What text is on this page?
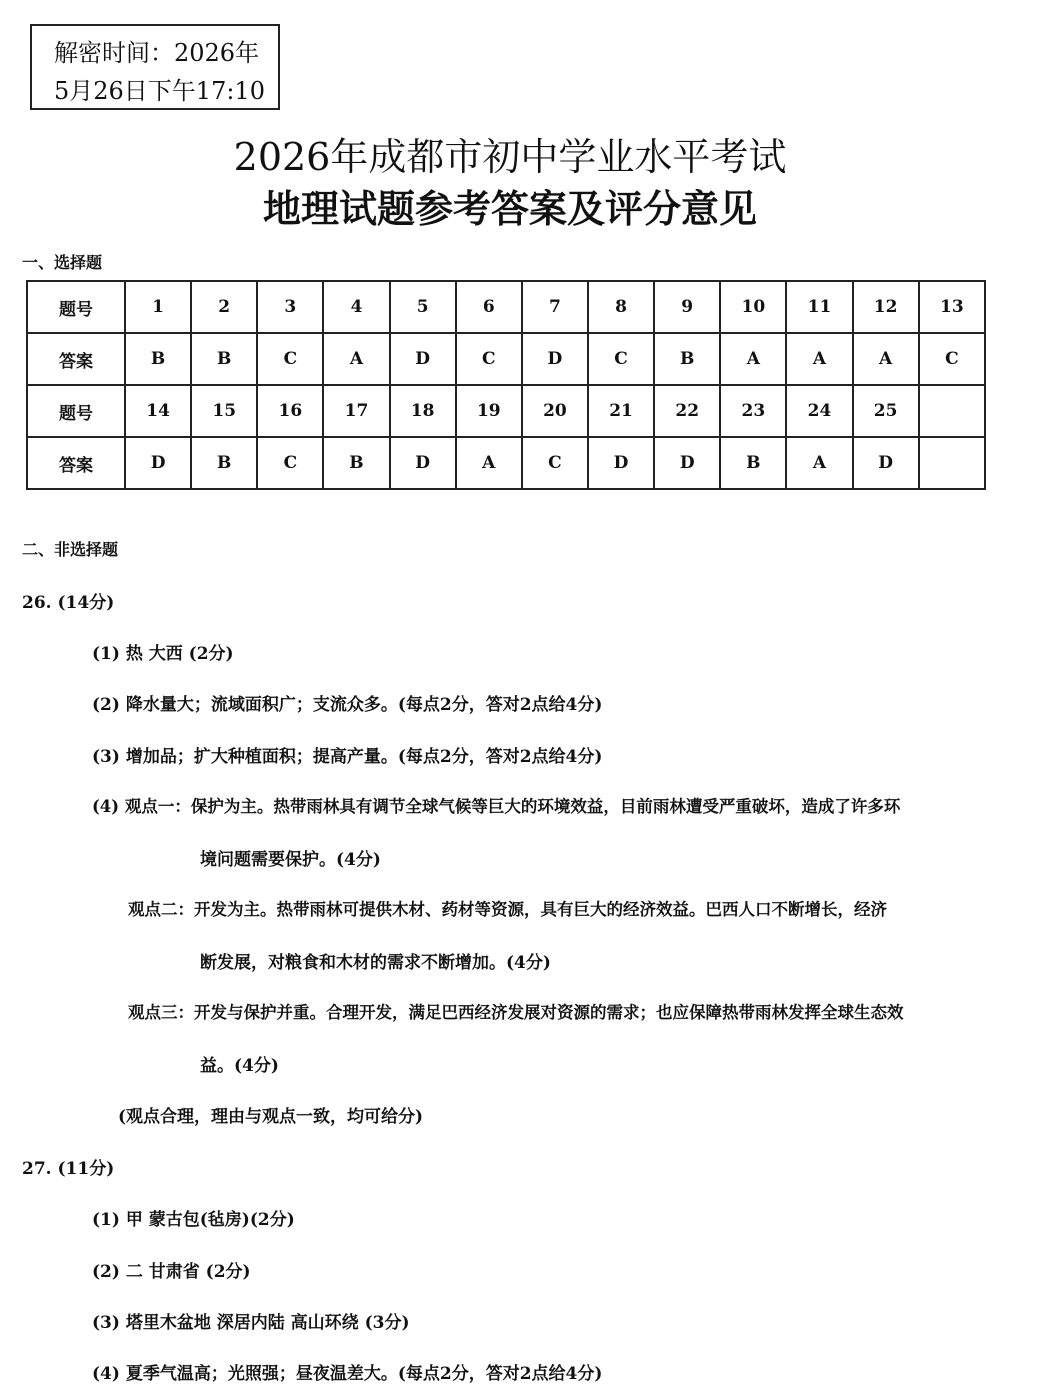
解密时间：2026年
5月26日下午17:10
2026年成都市初中学业水平考试
地理试题参考答案及评分意见
一、选择题
题号	1	2	3	4	5	6	7	8	9	10	11	12	13
答案	B	B	C	A	D	C	D	C	B	A	A	A	C
题号	14	15	16	17	18	19	20	21	22	23	24	25	
答案	D	B	C	B	D	A	C	D	D	B	A	D	
二、非选择题
26. (14分)
(1) 热 大西 (2分)
(2) 降水量大；流域面积广；支流众多。(每点2分，答对2点给4分)
(3) 增加品；扩大种植面积；提高产量。(每点2分，答对2点给4分)
(4) 观点一：保护为主。热带雨林具有调节全球气候等巨大的环境效益，目前雨林遭受严重破坏，造成了许多环
境问题需要保护。(4分)
观点二：开发为主。热带雨林可提供木材、药材等资源，具有巨大的经济效益。巴西人口不断增长，经济
断发展，对粮食和木材的需求不断增加。(4分)
观点三：开发与保护并重。合理开发，满足巴西经济发展对资源的需求；也应保障热带雨林发挥全球生态效
益。(4分)
(观点合理，理由与观点一致，均可给分)
27. (11分)
(1) 甲 蒙古包(毡房)(2分)
(2) 二 甘肃省 (2分)
(3) 塔里木盆地 深居内陆 高山环绕 (3分)
(4) 夏季气温高；光照强；昼夜温差大。(每点2分，答对2点给4分)
